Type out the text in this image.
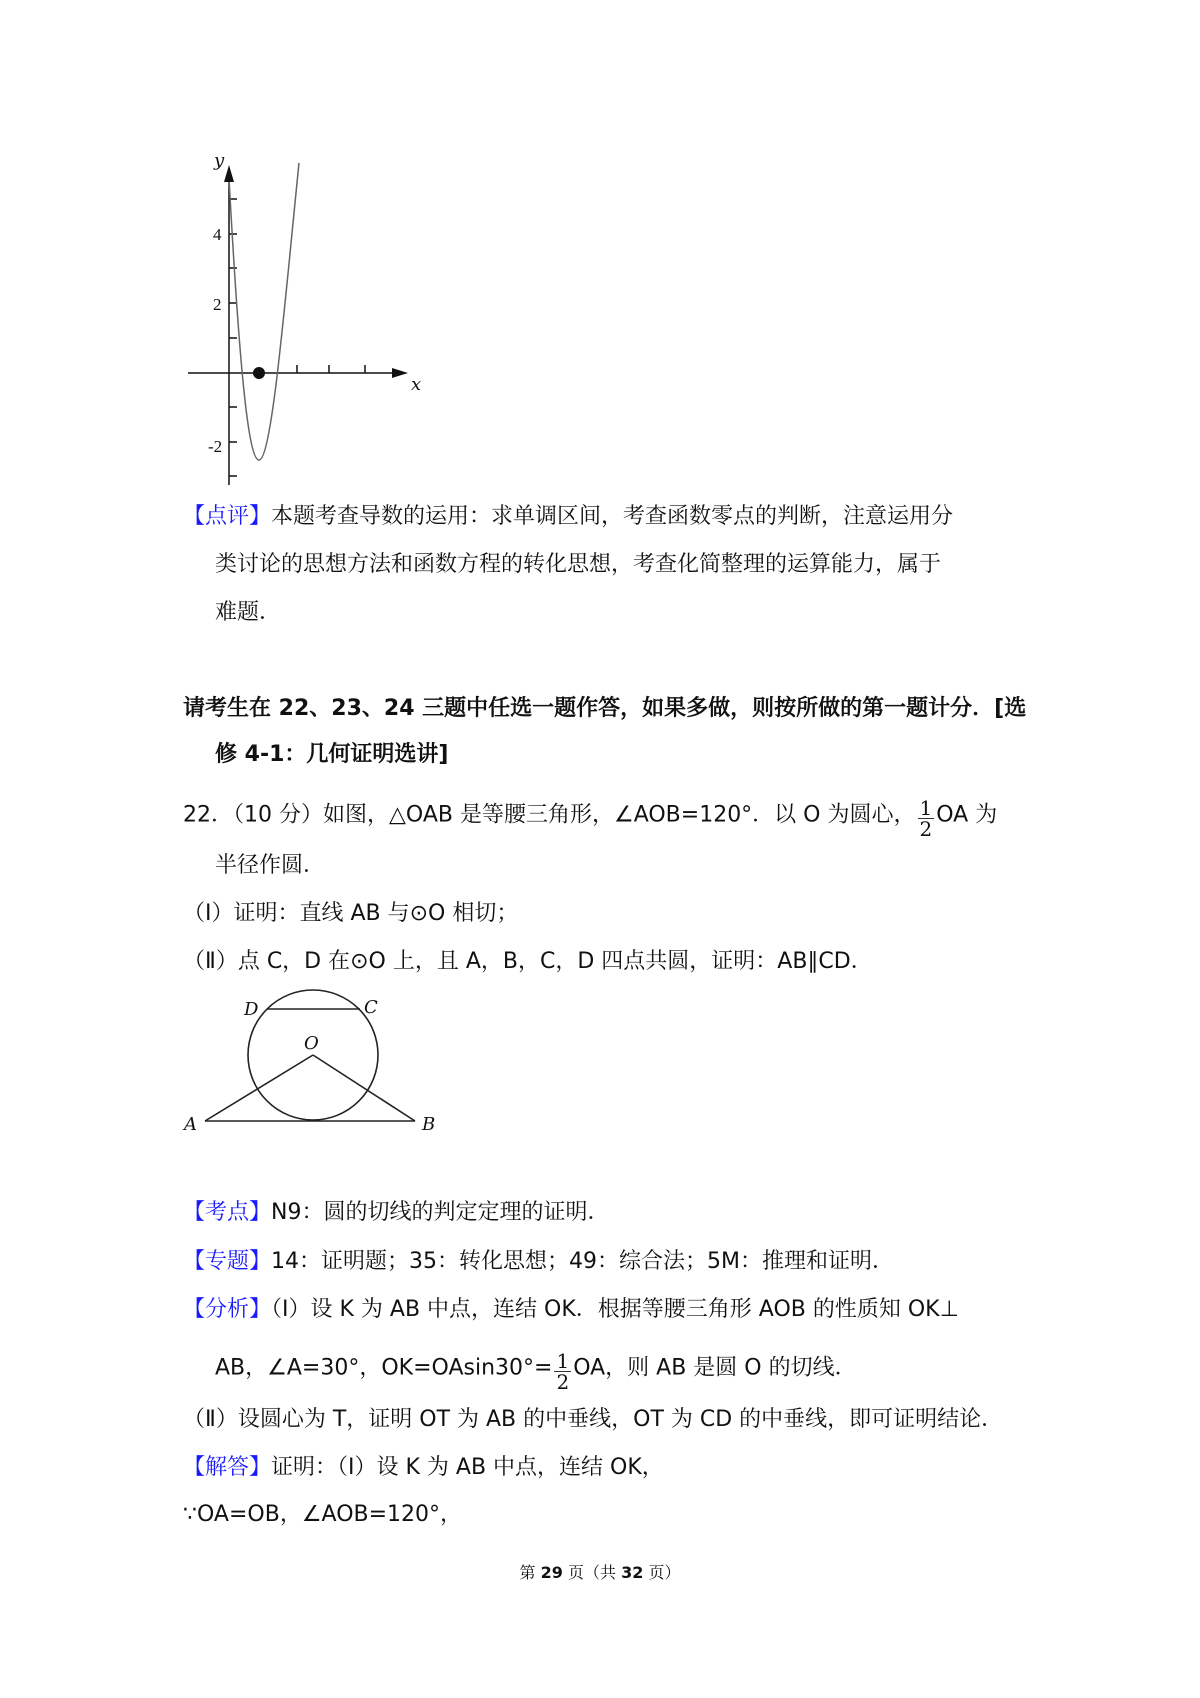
y
x
4
2
-2
D	C
O
A	B
【点评】本题考查导数的运用：求单调区间，考查函数零点的判断，注意运用分
类讨论的思想方法和函数方程的转化思想，考查化简整理的运算能力，属于
难题．
请考生在 22、23、24 三题中任选一题作答，如果多做，则按所做的第一题计分．[选
修 4-1：几何证明选讲]
22．（10 分）如图，△OAB 是等腰三角形，∠AOB=120°．以 O 为圆心， $\frac{1}{2}$ OA 为
半径作圆．
（Ⅰ）证明：直线 AB 与⊙O 相切；
（Ⅱ）点 C，D 在⊙O 上，且 A，B，C，D 四点共圆，证明：AB∥CD．
【考点】N9：圆的切线的判定定理的证明．
【专题】14：证明题；35：转化思想；49：综合法；5M：推理和证明．
【分析】（Ⅰ）设 K 为 AB 中点，连结 OK．根据等腰三角形 AOB 的性质知 OK⊥
AB，∠A=30°，$OK=OAsin30^\circ= \frac{1}{2}$ OA，则 AB 是圆 O 的切线．
（Ⅱ）设圆心为 T，证明 OT 为 AB 的中垂线，OT 为 CD 的中垂线，即可证明结论．
【解答】证明：（Ⅰ）设 K 为 AB 中点，连结 OK，
∵OA=OB，∠AOB=120°，
第 29 页（共 32 页）
